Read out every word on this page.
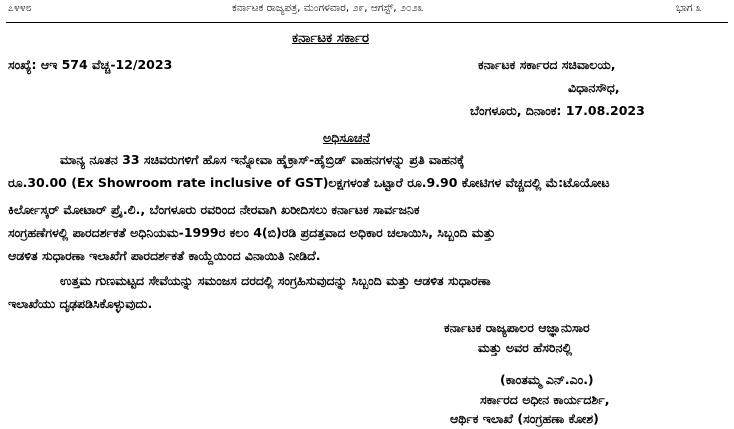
೭೪೪೮	ಕರ್ನಾಟಕ ರಾಜ್ಯಪತ್ರ, ಮಂಗಳವಾರ, ೨೯, ಆಗಸ್ಟ್, ೨೦೨೩	ಭಾಗ ೩
ಕರ್ನಾಟಕ ಸರ್ಕಾರ
ಸಂಖ್ಯೆ: ಆಇ 574 ವೆಚ್ಚ-12/2023	ಕರ್ನಾಟಕ ಸರ್ಕಾರದ ಸಚಿವಾಲಯ,
ವಿಧಾನಸೌಧ,
ಬೆಂಗಳೂರು, ದಿನಾಂಕ: 17.08.2023
ಅಧಿಸೂಚನೆ
ಮಾನ್ಯ ನೂತನ 33 ಸಚಿವರುಗಳಿಗೆ ಹೊಸ ಇನ್ನೋವಾ ಹೈಕ್ರಾಸ್-ಹೈಬ್ರಿಡ್ ವಾಹನಗಳನ್ನು ಪ್ರತಿ ವಾಹನಕ್ಕೆ
ರೂ.30.00 (Ex Showroom rate inclusive of GST)ಲಕ್ಷಗಳಂತೆ ಒಟ್ಟಾರೆ ರೂ.9.90 ಕೋಟಿಗಳ ವೆಚ್ಚದಲ್ಲಿ ಮೆ:ಟೊಯೋಟ
ಕಿರ್ಲೋಸ್ಕರ್ ಮೋಟಾರ್ ಪ್ರೈ.ಲಿ., ಬೆಂಗಳೂರು ರವರಿಂದ ನೇರವಾಗಿ ಖರೀದಿಸಲು ಕರ್ನಾಟಕ ಸಾರ್ವಜನಿಕ
ಸಂಗ್ರಹಣೆಗಳಲ್ಲಿ ಪಾರದರ್ಶಕತೆ ಅಧಿನಿಯಮ-1999ರ ಕಲಂ 4(ಬಿ)ರಡಿ ಪ್ರದತ್ತವಾದ ಅಧಿಕಾರ ಚಲಾಯಿಸಿ, ಸಿಬ್ಬಂದಿ ಮತ್ತು
ಆಡಳಿತ ಸುಧಾರಣಾ ಇಲಾಖೆಗೆ ಪಾರದರ್ಶಕತೆ ಕಾಯ್ದೆಯಿಂದ ವಿನಾಯಿತಿ ನೀಡಿದೆ.
ಉತ್ತಮ ಗುಣಮಟ್ಟದ ಸೇವೆಯನ್ನು ಸಮಂಜಸ ದರದಲ್ಲಿ ಸಂಗ್ರಹಿಸುವುದನ್ನು ಸಿಬ್ಬಂದಿ ಮತ್ತು ಆಡಳಿತ ಸುಧಾರಣಾ
ಇಲಾಖೆಯು ದೃಢಪಡಿಸಿಕೊಳ್ಳುವುದು.
ಕರ್ನಾಟಕ ರಾಜ್ಯಪಾಲರ ಆಜ್ಞಾನುಸಾರ
ಮತ್ತು ಅವರ ಹೆಸರಿನಲ್ಲಿ
(ಕಾಂತಮ್ಮ ಎನ್.ಎಂ.)
ಸರ್ಕಾರದ ಅಧೀನ ಕಾರ್ಯದರ್ಶಿ,
ಆರ್ಥಿಕ ಇಲಾಖೆ (ಸಂಗ್ರಹಣಾ ಕೋಶ)
